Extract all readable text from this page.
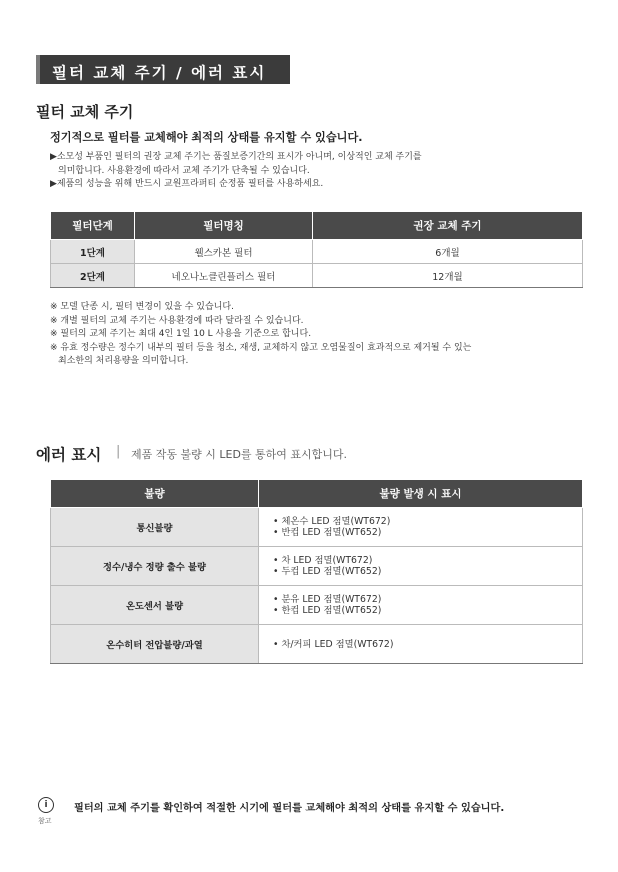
필터 교체 주기 / 에러 표시
필터 교체 주기
정기적으로 필터를 교체해야 최적의 상태를 유지할 수 있습니다.
▶소모성 부품인 필터의 권장 교체 주기는 품질보증기간의 표시가 아니며, 이상적인 교체 주기를
의미합니다. 사용환경에 따라서 교체 주기가 단축될 수 있습니다.
▶제품의 성능을 위해 반드시 교원프라퍼티 순정품 필터를 사용하세요.
필터단계	필터명칭	권장 교체 주기
1단계	웰스카본 필터	6개월
2단계	네오나노클린플러스 필터	12개월
※ 모델 단종 시, 필터 변경이 있을 수 있습니다.
※ 개별 필터의 교체 주기는 사용환경에 따라 달라질 수 있습니다.
※ 필터의 교체 주기는 최대 4인 1일 10 L 사용을 기준으로 합니다.
※ 유효 정수량은 정수기 내부의 필터 등을 청소, 재생, 교체하지 않고 오염물질이 효과적으로 제거될 수 있는
최소한의 처리용량을 의미합니다.
에러 표시 | 제품 작동 불량 시 LED를 통하여 표시합니다.
불량	불량 발생 시 표시
통신불량	• 체온수 LED 점멸(WT672)
• 반컵 LED 점멸(WT652)

정수/냉수 정량 출수 불량	• 차 LED 점멸(WT672)
• 두컵 LED 점멸(WT652)

온도센서 불량	• 분유 LED 점멸(WT672)
• 한컵 LED 점멸(WT652)

온수히터 전압불량/과열	• 차/커피 LED 점멸(WT672)
i
참고
필터의 교체 주기를 확인하여 적절한 시기에 필터를 교체해야 최적의 상태를 유지할 수 있습니다.
